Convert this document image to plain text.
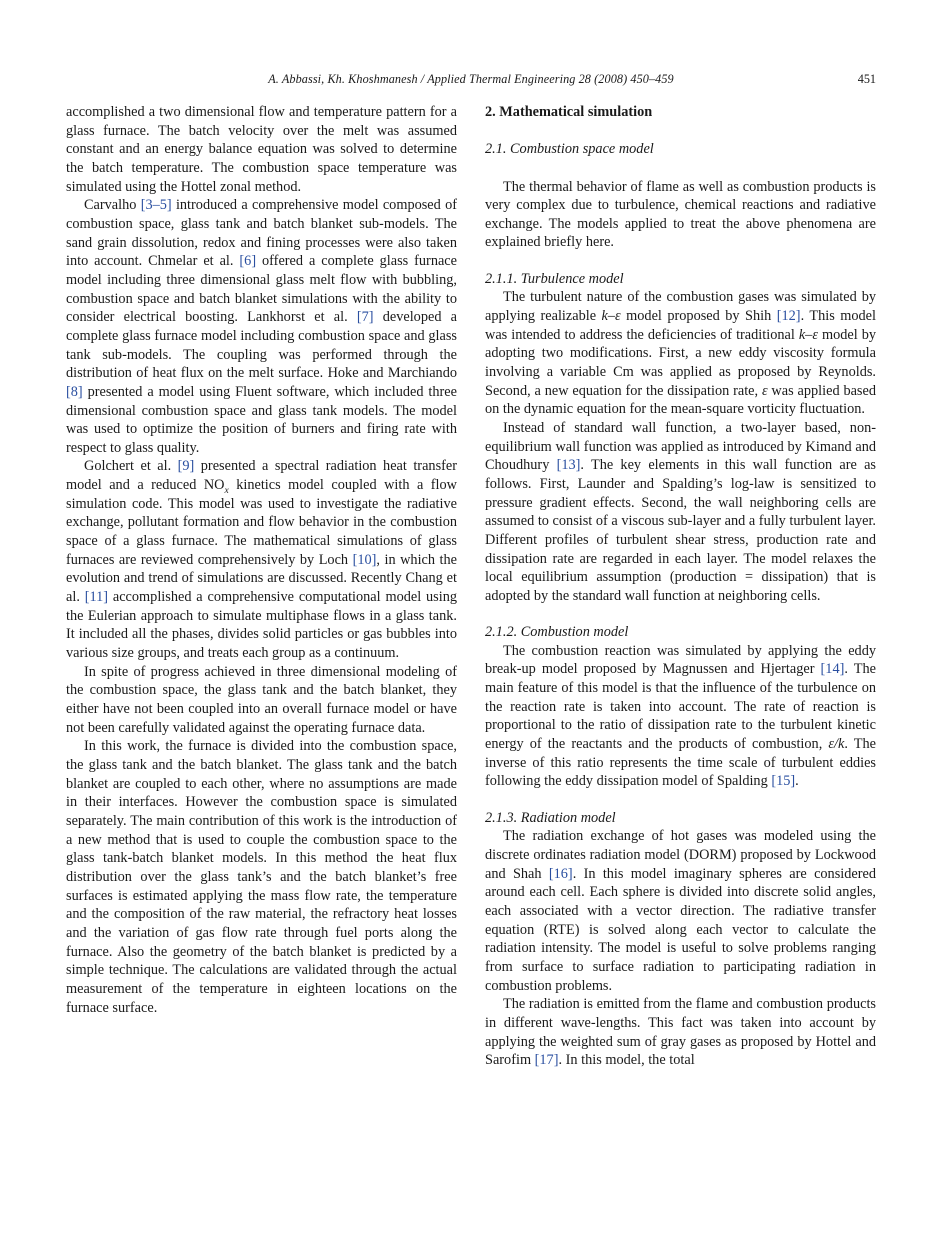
A. Abbassi, Kh. Khoshmanesh / Applied Thermal Engineering 28 (2008) 450–459	451

accomplished a two dimensional flow and temperature pattern for a glass furnace. The batch velocity over the melt was assumed constant and an energy balance equation was solved to determine the batch temperature. The combustion space temperature was simulated using the Hottel zonal method.

Carvalho [3–5] introduced a comprehensive model composed of combustion space, glass tank and batch blanket sub-models. The sand grain dissolution, redox and fining processes were also taken into account. Chmelar et al. [6] offered a complete glass furnace model including three dimensional glass melt flow with bubbling, combustion space and batch blanket simulations with the ability to consider electrical boosting. Lankhorst et al. [7] developed a complete glass furnace model including combustion space and glass tank sub-models. The coupling was performed through the distribution of heat flux on the melt surface. Hoke and Marchiando [8] presented a model using Fluent software, which included three dimensional combustion space and glass tank models. The model was used to optimize the position of burners and firing rate with respect to glass quality.

Golchert et al. [9] presented a spectral radiation heat transfer model and a reduced $NO_x$ kinetics model coupled with a flow simulation code. This model was used to investigate the radiative exchange, pollutant formation and flow behavior in the combustion space of a glass furnace. The mathematical simulations of glass furnaces are reviewed comprehensively by Loch [10], in which the evolution and trend of simulations are discussed. Recently Chang et al. [11] accomplished a comprehensive computational model using the Eulerian approach to simulate multiphase flows in a glass tank. It included all the phases, divides solid particles or gas bubbles into various size groups, and treats each group as a continuum.

In spite of progress achieved in three dimensional modeling of the combustion space, the glass tank and the batch blanket, they either have not been coupled into an overall furnace model or have not been carefully validated against the operating furnace data.

In this work, the furnace is divided into the combustion space, the glass tank and the batch blanket. The glass tank and the batch blanket are coupled to each other, where no assumptions are made in their interfaces. However the combustion space is simulated separately. The main contribution of this work is the introduction of a new method that is used to couple the combustion space to the glass tank-batch blanket models. In this method the heat flux distribution over the glass tank’s and the batch blanket’s free surfaces is estimated applying the mass flow rate, the temperature and the composition of the raw material, the refractory heat losses and the variation of gas flow rate through fuel ports along the furnace. Also the geometry of the batch blanket is predicted by a simple technique. The calculations are validated through the actual measurement of the temperature in eighteen locations on the furnace surface.

2. Mathematical simulation

2.1. Combustion space model

The thermal behavior of flame as well as combustion products is very complex due to turbulence, chemical reactions and radiative exchange. The models applied to treat the above phenomena are explained briefly here.

2.1.1. Turbulence model

The turbulent nature of the combustion gases was simulated by applying realizable k–ε model proposed by Shih [12]. This model was intended to address the deficiencies of traditional k–ε model by adopting two modifications. First, a new eddy viscosity formula involving a variable Cm was applied as proposed by Reynolds. Second, a new equation for the dissipation rate, ε was applied based on the dynamic equation for the mean-square vorticity fluctuation.

Instead of standard wall function, a two-layer based, non-equilibrium wall function was applied as introduced by Kimand and Choudhury [13]. The key elements in this wall function are as follows. First, Launder and Spalding’s log-law is sensitized to pressure gradient effects. Second, the wall neighboring cells are assumed to consist of a viscous sub-layer and a fully turbulent layer. Different profiles of turbulent shear stress, production rate and dissipation rate are regarded in each layer. The model relaxes the local equilibrium assumption (production = dissipation) that is adopted by the standard wall function at neighboring cells.

2.1.2. Combustion model

The combustion reaction was simulated by applying the eddy break-up model proposed by Magnussen and Hjertager [14]. The main feature of this model is that the influence of the turbulence on the reaction rate is taken into account. The rate of reaction is proportional to the ratio of dissipation rate to the turbulent kinetic energy of the reactants and the products of combustion, ε/k. The inverse of this ratio represents the time scale of turbulent eddies following the eddy dissipation model of Spalding [15].

2.1.3. Radiation model

The radiation exchange of hot gases was modeled using the discrete ordinates radiation model (DORM) proposed by Lockwood and Shah [16]. In this model imaginary spheres are considered around each cell. Each sphere is divided into discrete solid angles, each associated with a vector direction. The radiative transfer equation (RTE) is solved along each vector to calculate the radiation intensity. The model is useful to solve problems ranging from surface to surface radiation to participating radiation in combustion problems.

The radiation is emitted from the flame and combustion products in different wave-lengths. This fact was taken into account by applying the weighted sum of gray gases as proposed by Hottel and Sarofim [17]. In this model, the total
